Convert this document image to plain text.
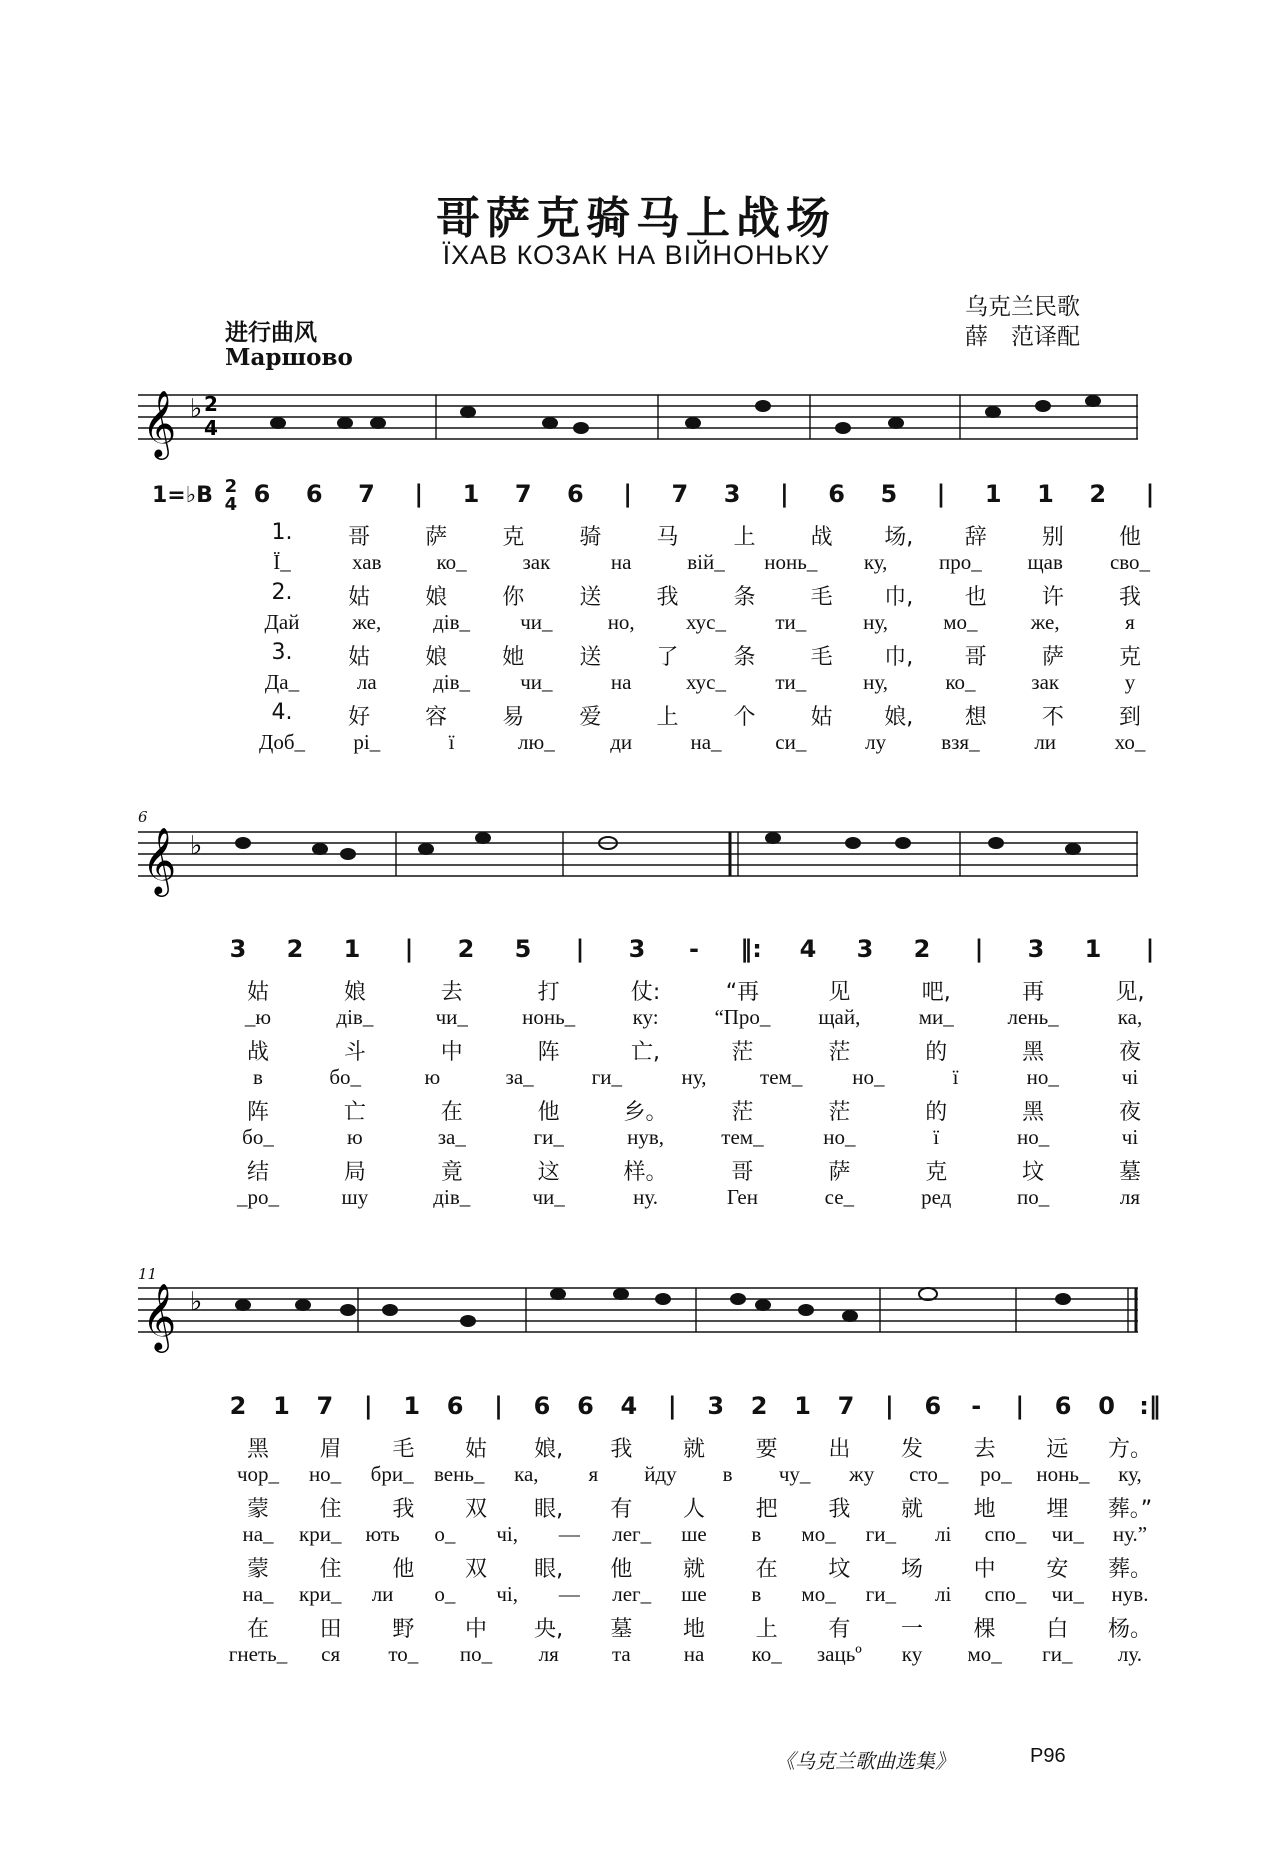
哥萨克骑马上战场
ЇХАВ КОЗАК НА ВІЙНОНЬКУ
乌克兰民歌
薛　范译配
进行曲风
Маршово
𝄞 ♭ 2
4
1=♭B 2
4 6 6 7 | 1 7 6 | 7 3 | 6 5 | 1 1 2 |
1.	哥	萨	克	骑	马	上	战 场, 辞	别	他
Ї_	хав	ко_	зак	на	вій_ нонь_ ку, про_ щав сво_
2.	姑	娘	你	送	我	条	毛 巾, 也	许	我
Дай	же, дів_ чи_	но, хус_ ти_	ну,	мо_	же,	я
3.	姑	娘	她	送	了	条	毛 巾, 哥	萨	克
Да_	ла	дів_ чи_	на	хус_ ти_	ну,	ко_	зак	у
4.	好	容	易	爱	上	个	姑 娘, 想	不	到
Доб_ рі_	ї	лю_	ди	на_	си_	лу	взя_	ли	хо_
6
𝄞 ♭
3 2 1 | 2 5 | 3 - ‖: 4 3 2 | 3 1 |
姑	娘	去	打	仗:	“再	见	吧,	再	见,
_ю	дів_	чи_	нонь_	ку:	“Про_ щай,	ми_	лень_	ка,
战	斗	中	阵	亡,	茫	茫	的	黑	夜
в	бо_	ю	за_	ги_	ну,	тем_ но_	ї	но_	чі
阵	亡	在	他	乡。	茫	茫	的	黑	夜
бо_	ю	за_	ги_	нув,	тем_	но_	ї	но_	чі
结	局	竟	这	样。	哥	萨	克	坟	墓
_ро_	шу	дів_	чи_	ну.	Ген	се_	ред	по_	ля
11
𝄞 ♭
2 1 7 | 1 6 | 6 6 4 | 3 2 1 7 | 6 - | 6 0 :‖
黑 眉 毛 姑 娘, 我 就 要 出 发 去 远 方。
чор_ но_ бри_ вень_ ка, я йду в чу_ жу сто_ ро_ нонь_ ку,
蒙 住 我 双 眼, 有 人 把 我 就 地 埋 葬。”
на_ кри_ ють о_ чі, — лег_ ше в мо_ ги_ лі спо_ чи_ ну.”
蒙 住 他 双 眼, 他 就 在 坟 场 中 安 葬。
на_ кри_ ли о_ чі, — лег_ ше в мо_ ги_ лі спо_ чи_ нув.
在 田 野 中 央, 墓 地 上 有 一 棵 白 杨。
гнеть_ ся то_ по_ ля	та	на ко_ зацьº ку мо_ ги_ лу.
《乌克兰歌曲选集》	P96
